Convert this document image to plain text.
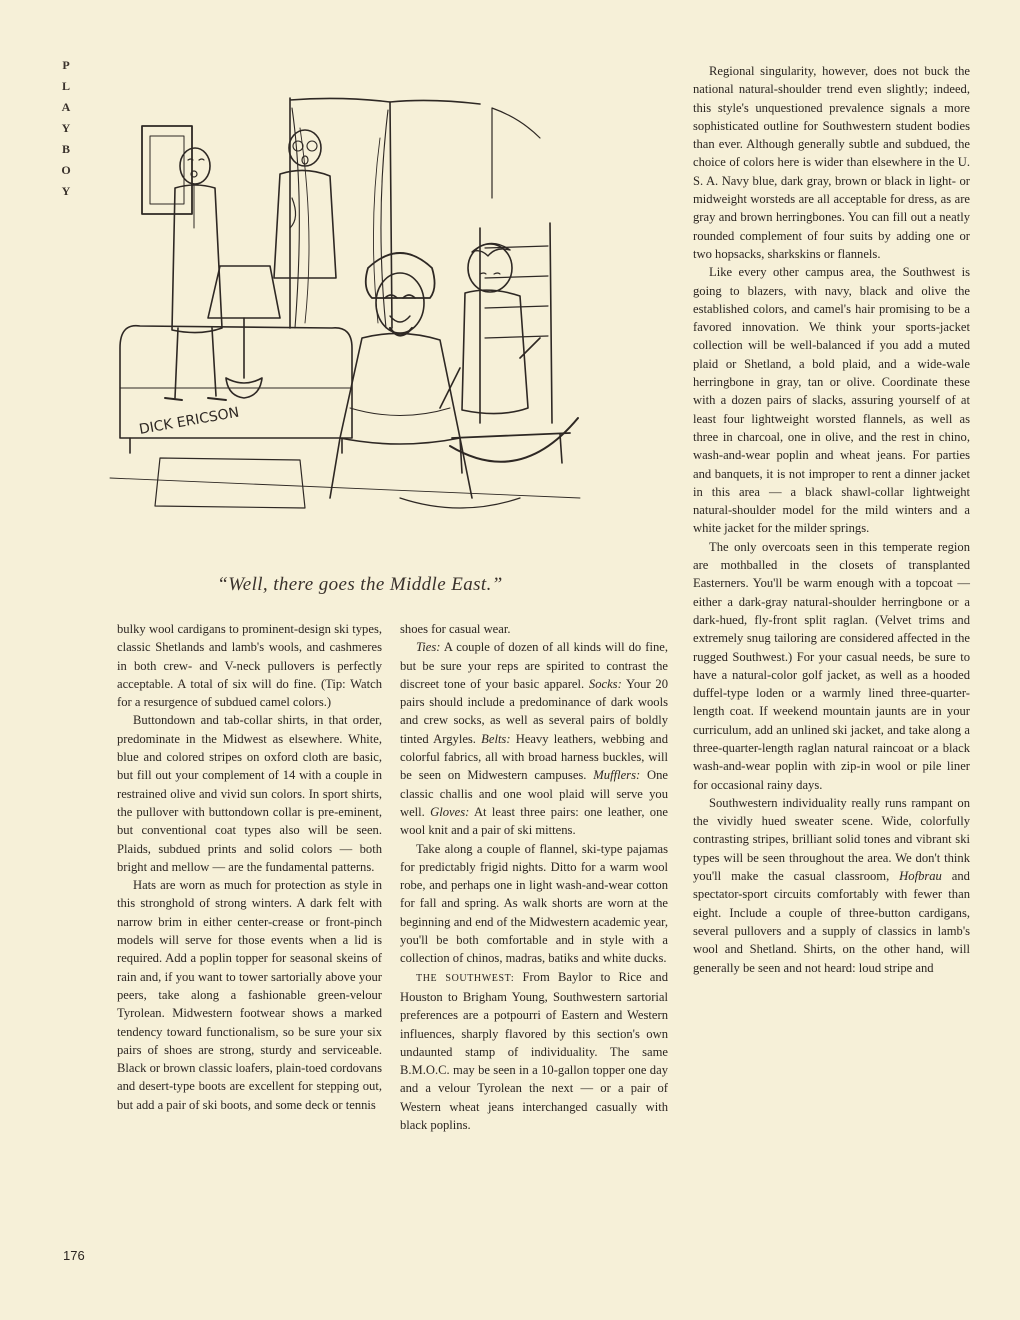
PLAYBOY
DICK ERICSON
“Well, there goes the Middle East.”

bulky wool cardigans to prominent-design ski types, classic Shetlands and lamb's wools, and cashmeres in both crew- and V-neck pullovers is perfectly acceptable. A total of six will do fine. (Tip: Watch for a resurgence of subdued camel colors.)

Buttondown and tab-collar shirts, in that order, predominate in the Midwest as elsewhere. White, blue and colored stripes on oxford cloth are basic, but fill out your complement of 14 with a couple in restrained olive and vivid sun colors. In sport shirts, the pullover with buttondown collar is pre-eminent, but conventional coat types also will be seen. Plaids, subdued prints and solid colors — both bright and mellow — are the fundamental patterns.

Hats are worn as much for protection as style in this stronghold of strong winters. A dark felt with narrow brim in either center-crease or front-pinch models will serve for those events when a lid is required. Add a poplin topper for seasonal skeins of rain and, if you want to tower sartorially above your peers, take along a fashionable green-velour Tyrolean. Midwestern footwear shows a marked tendency toward functionalism, so be sure your six pairs of shoes are strong, sturdy and serviceable. Black or brown classic loafers, plain-toed cordovans and desert-type boots are excellent for stepping out, but add a pair of ski boots, and some deck or tennis

shoes for casual wear.

Ties: A couple of dozen of all kinds will do fine, but be sure your reps are spirited to contrast the discreet tone of your basic apparel. Socks: Your 20 pairs should include a predominance of dark wools and crew socks, as well as several pairs of boldly tinted Argyles. Belts: Heavy leathers, webbing and colorful fabrics, all with broad harness buckles, will be seen on Midwestern campuses. Mufflers: One classic challis and one wool plaid will serve you well. Gloves: At least three pairs: one leather, one wool knit and a pair of ski mittens.

Take along a couple of flannel, ski-type pajamas for predictably frigid nights. Ditto for a warm wool robe, and perhaps one in light wash-and-wear cotton for fall and spring. As walk shorts are worn at the beginning and end of the Midwestern academic year, you'll be both comfortable and in style with a collection of chinos, madras, batiks and white ducks.

THE SOUTHWEST: From Baylor to Rice and Houston to Brigham Young, Southwestern sartorial preferences are a potpourri of Eastern and Western influences, sharply flavored by this section's own undaunted stamp of individuality. The same B.M.O.C. may be seen in a 10-gallon topper one day and a velour Tyrolean the next — or a pair of Western wheat jeans interchanged casually with black poplins.

Regional singularity, however, does not buck the national natural-shoulder trend even slightly; indeed, this style's unquestioned prevalence signals a more sophisticated outline for Southwestern student bodies than ever. Although generally subtle and subdued, the choice of colors here is wider than elsewhere in the U. S. A. Navy blue, dark gray, brown or black in light- or midweight worsteds are all acceptable for dress, as are gray and brown herringbones. You can fill out a neatly rounded complement of four suits by adding one or two hopsacks, sharkskins or flannels.

Like every other campus area, the Southwest is going to blazers, with navy, black and olive the established colors, and camel's hair promising to be a favored innovation. We think your sports-jacket collection will be well-balanced if you add a muted plaid or Shetland, a bold plaid, and a wide-wale herringbone in gray, tan or olive. Coordinate these with a dozen pairs of slacks, assuring yourself of at least four lightweight worsted flannels, as well as three in charcoal, one in olive, and the rest in chino, wash-and-wear poplin and wheat jeans. For parties and banquets, it is not improper to rent a dinner jacket in this area — a black shawl-collar lightweight natural-shoulder model for the mild winters and a white jacket for the milder springs.

The only overcoats seen in this temperate region are mothballed in the closets of transplanted Easterners. You'll be warm enough with a topcoat — either a dark-gray natural-shoulder herringbone or a dark-hued, fly-front split raglan. (Velvet trims and extremely snug tailoring are considered affected in the rugged Southwest.) For your casual needs, be sure to have a natural-color golf jacket, as well as a hooded duffel-type loden or a warmly lined three-quarter-length coat. If weekend mountain jaunts are in your curriculum, add an unlined ski jacket, and take along a three-quarter-length raglan natural raincoat or a black wash-and-wear poplin with zip-in wool or pile liner for occasional rainy days.

Southwestern individuality really runs rampant on the vividly hued sweater scene. Wide, colorfully contrasting stripes, brilliant solid tones and vibrant ski types will be seen throughout the area. We don't think you'll make the casual classroom, Hofbrau and spectator-sport circuits comfortably with fewer than eight. Include a couple of three-button cardigans, several pullovers and a supply of classics in lamb's wool and Shetland. Shirts, on the other hand, will generally be seen and not heard: loud stripe and

176
